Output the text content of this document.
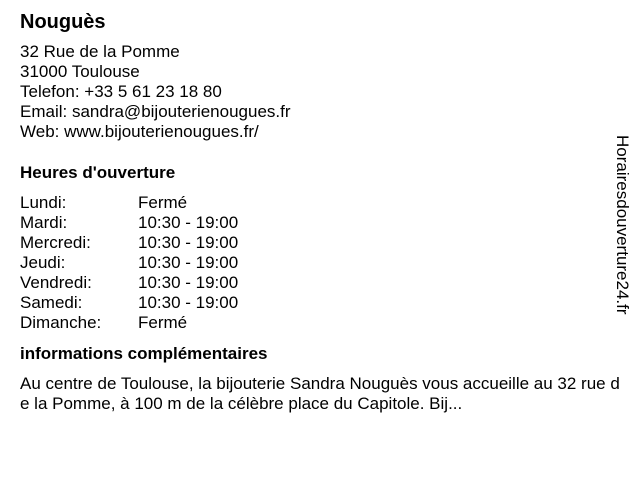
Nouguès
32 Rue de la Pomme
31000 Toulouse
Telefon: +33 5 61 23 18 80
Email: sandra@bijouterienougues.fr
Web: www.bijouterienougues.fr/
Heures d'ouverture
Lundi:	Fermé
Mardi:	10:30 - 19:00
Mercredi:	10:30 - 19:00
Jeudi:	10:30 - 19:00
Vendredi:	10:30 - 19:00
Samedi:	10:30 - 19:00
Dimanche:	Fermé
informations complémentaires
Au centre de Toulouse, la bijouterie Sandra Nouguès vous accueille au 32 rue de la Pomme, à 100 m de la célèbre place du Capitole. Bij...
Horairesdouverture24.fr
